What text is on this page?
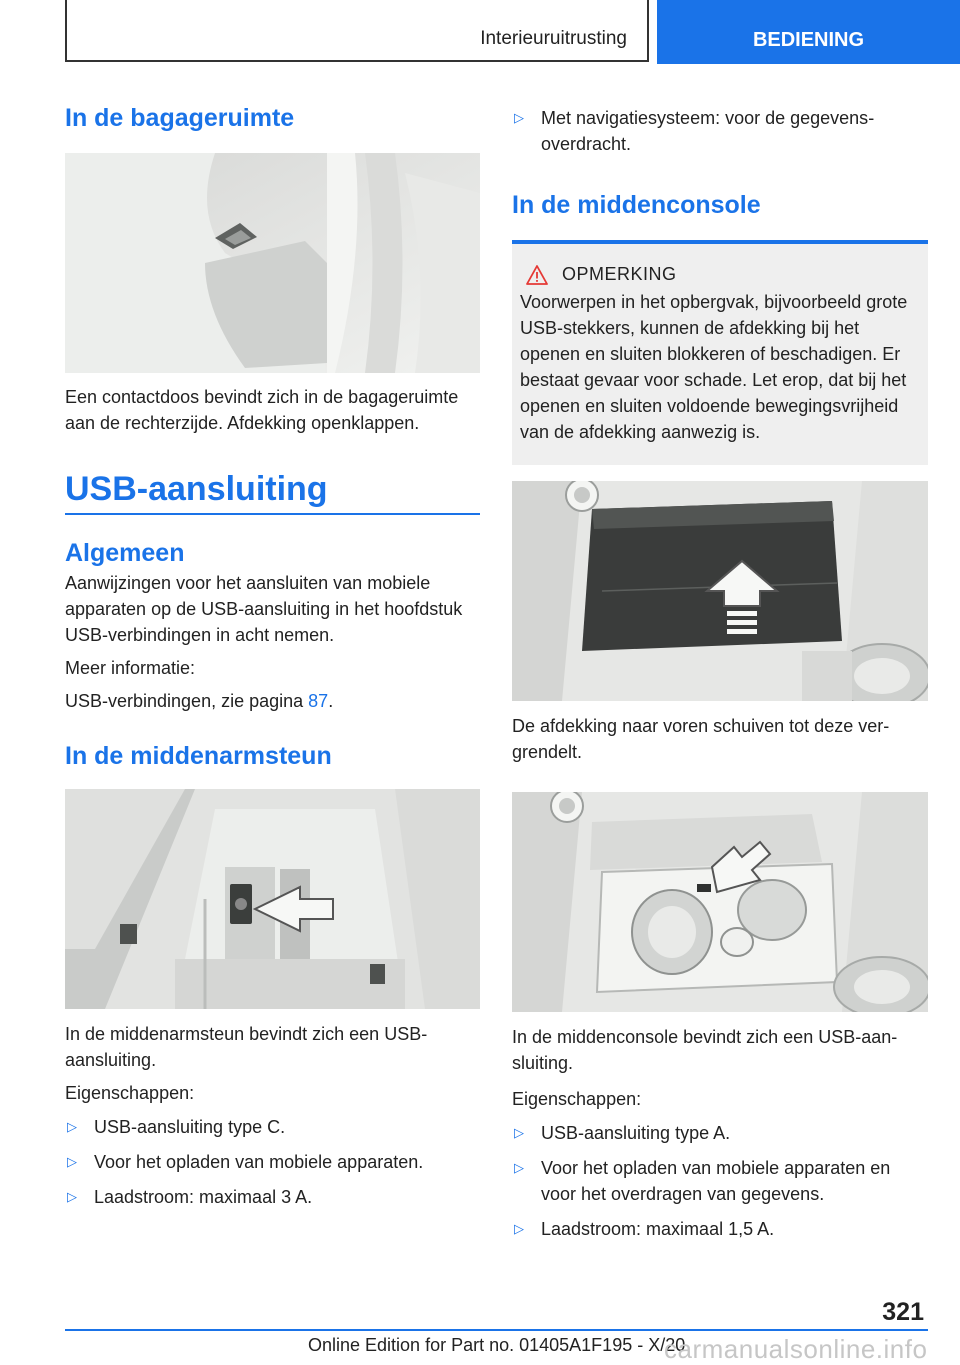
Interieuruitrusting	BEDIENING
In de bagageruimte

Een contactdoos bevindt zich in de bagageruimte aan de rechterzijde. Afdekking openklappen.

USB-aansluiting
Algemeen

Aanwijzingen voor het aansluiten van mobiele apparaten op de USB-aansluiting in het hoofdstuk USB-verbindingen in acht nemen.

Meer informatie:

USB-verbindingen, zie pagina 87.

In de middenarmsteun

In de middenarmsteun bevindt zich een USB-aansluiting.

Eigenschappen:

▷ USB-aansluiting type C.
▷ Voor het opladen van mobiele apparaten.
▷ Laadstroom: maximaal 3 A.
▷ Met navigatiesysteem: voor de gegevensoverdracht.
In de middenconsole
OPMERKING

Voorwerpen in het opbergvak, bijvoorbeeld grote USB-stekkers, kunnen de afdekking bij het openen en sluiten blokkeren of beschadigen. Er bestaat gevaar voor schade. Let erop, dat bij het openen en sluiten voldoende bewegingsvrijheid van de afdekking aanwezig is.

De afdekking naar voren schuiven tot deze vergrendelt.

In de middenconsole bevindt zich een USB-aansluiting.

Eigenschappen:

▷ USB-aansluiting type A.
▷ Voor het opladen van mobiele apparaten en voor het overdragen van gegevens.
▷ Laadstroom: maximaal 1,5 A.
321
Online Edition for Part no. 01405A1F195 - X/20
carmanualsonline.info
